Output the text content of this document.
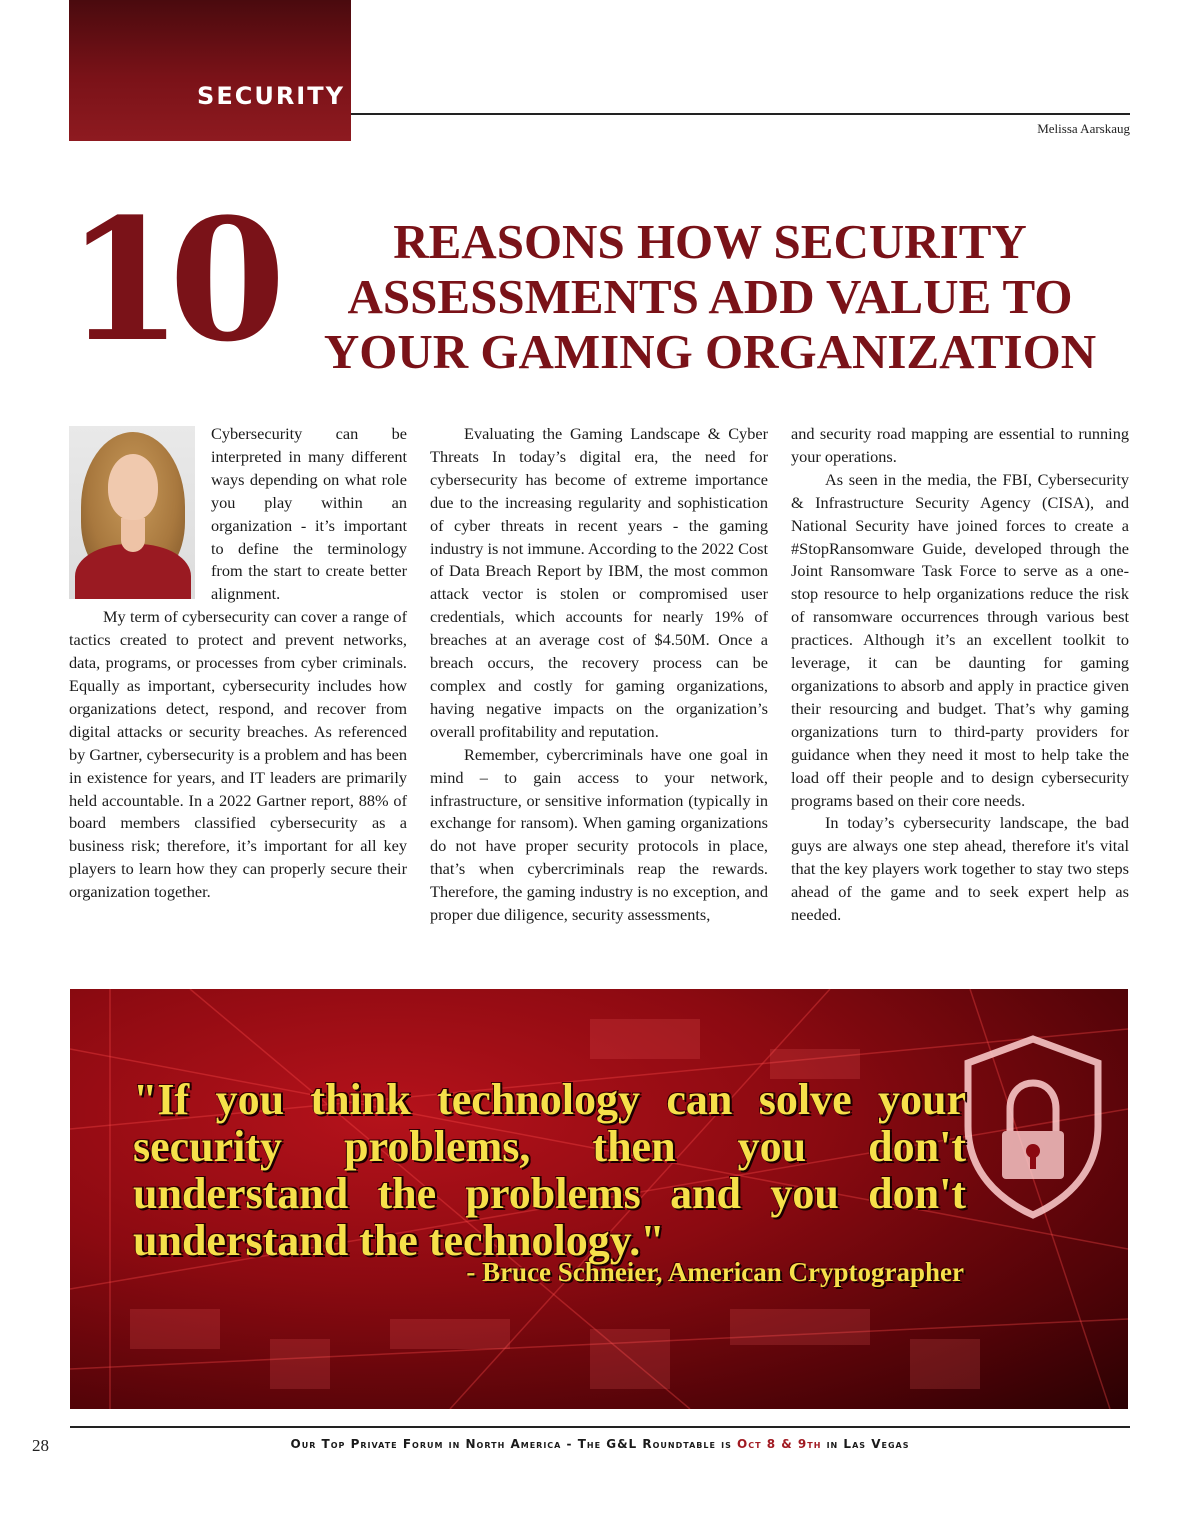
SECURITY
Melissa Aarskaug
10	REASONS HOW SECURITY
ASSESSMENTS ADD VALUE TO
YOUR GAMING ORGANIZATION

Cybersecurity can be interpreted in many different ways depending on what role you play within an organization - it’s important to define the terminology from the start to create better alignment.

My term of cybersecurity can cover a range of tactics created to protect and prevent networks, data, programs, or processes from cyber criminals. Equally as important, cybersecurity includes how organizations detect, respond, and recover from digital attacks or security breaches. As referenced by Gartner, cybersecurity is a problem and has been in existence for years, and IT leaders are primarily held accountable. In a 2022 Gartner report, 88% of board members classified cybersecurity as a business risk; therefore, it’s important for all key players to learn how they can properly secure their organization together.

Evaluating the Gaming Landscape & Cyber Threats In today’s digital era, the need for cybersecurity has become of extreme importance due to the increasing regularity and sophistication of cyber threats in recent years - the gaming industry is not immune. According to the 2022 Cost of Data Breach Report by IBM, the most common attack vector is stolen or compromised user credentials, which accounts for nearly 19% of breaches at an average cost of $4.50M. Once a breach occurs, the recovery process can be complex and costly for gaming organizations, having negative impacts on the organization’s overall profitability and reputation.

Remember, cybercriminals have one goal in mind – to gain access to your network, infrastructure, or sensitive information (typically in exchange for ransom). When gaming organizations do not have proper security protocols in place, that’s when cybercriminals reap the rewards. Therefore, the gaming industry is no exception, and proper due diligence, security assessments,

and security road mapping are essential to running your operations.

As seen in the media, the FBI, Cybersecurity & Infrastructure Security Agency (CISA), and National Security have joined forces to create a #StopRansomware Guide, developed through the Joint Ransomware Task Force to serve as a one-stop resource to help organizations reduce the risk of ransomware occurrences through various best practices. Although it’s an excellent toolkit to leverage, it can be daunting for gaming organizations to absorb and apply in practice given their resourcing and budget. That’s why gaming organizations turn to third-party providers for guidance when they need it most to help take the load off their people and to design cybersecurity programs based on their core needs.

In today’s cybersecurity landscape, the bad guys are always one step ahead, therefore it's vital that the key players work together to stay two steps ahead of the game and to seek expert help as needed.

"If you think technology can solve your security problems, then you don't understand the problems and you don't understand the technology."
- Bruce Schneier, American Cryptographer
28	Our Top Private Forum in North America - The G&L Roundtable is Oct 8 & 9th in Las Vegas
